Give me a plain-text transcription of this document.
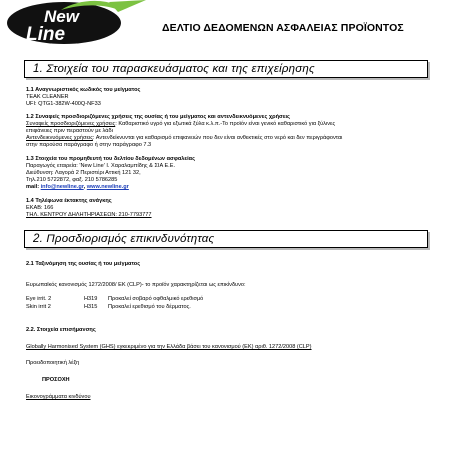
New
Line	ΔΕΛΤΙΟ ΔΕΔΟΜΕΝΩΝ ΑΣΦΑΛΕΙΑΣ ΠΡΟΪΟΝΤΟΣ
1. Στοιχεία του παρασκευάσματος και της επιχείρησης
1.1 Αναγνωριστικός κωδικός του μείγματος
TEAK CLEANER
UFI: QTG1-382W-400Q-NF33
1.2 Συναφείς προσδιοριζόμενες χρήσεις της ουσίας ή του μείγματος και αντενδεικνυόμενες χρήσεις
Συναφείς προσδιοριζόμενες χρήσεις: Καθαριστικό υγρό για εξωτικά ξύλα κ.λ.π.-Το προϊόν είναι γενικό καθαριστικό για ξύλινες
επιφάνειες πριν περαστούν με λάδι
Αντενδεικνυόμενες χρήσεις: Αντενδείκνυνται για καθαρισμό επιφανειών που δεν είναι ανθεκτικές στο νερό και δεν περιγράφονται
στην παρούσα παράγραφο ή στην παράγραφο 7.3
1.3 Στοιχεία του προμηθευτή του δελτίου δεδομένων ασφαλείας
Παραγωγός εταιρεία: 'New Line' Ι. Χαραλαμπίδης & ΣΙΑ Ε.Ε.
Διεύθυνση: Λαγορά 2 Περιστέρι Αττική 121 32,
Τηλ.210 5722872, φαξ. 210 5786285
mail: info@newline.gr, www.newline.gr
1.4 Τηλέφωνα έκτακτης ανάγκης
ΕΚΑΒ: 166
ΤΗΛ. ΚΕΝΤΡΟΥ ΔΗΛΗΤΗΡΙΑΣΕΩΝ: 210-7793777
2. Προσδιορισμός επικινδυνότητας
2.1 Ταξινόμηση της ουσίας ή του μείγματος
Ευρωπαϊκός κανονισμός 1272/2008/ ΕΚ (CLP)- το προϊόν χαρακτηρίζεται ως επικίνδυνο:
Eye irrit. 2	H319 Προκαλεί σοβαρό οφθαλμικό ερεθισμό
Skin irrit 2	H315 Προκαλεί ερεθισμό του δέρματος.
2.2. Στοιχεία επισήμανσης
Globally Harmonised System (GHS) εγκεκριμένο για την Ελλάδα βάσει του κανονισμού (ΕΚ) αριθ. 1272/2008 (CLP)
Προειδοποιητική λέξη
ΠΡΟΣΟΧΗ
Εικονογράμματα κινδύνου
